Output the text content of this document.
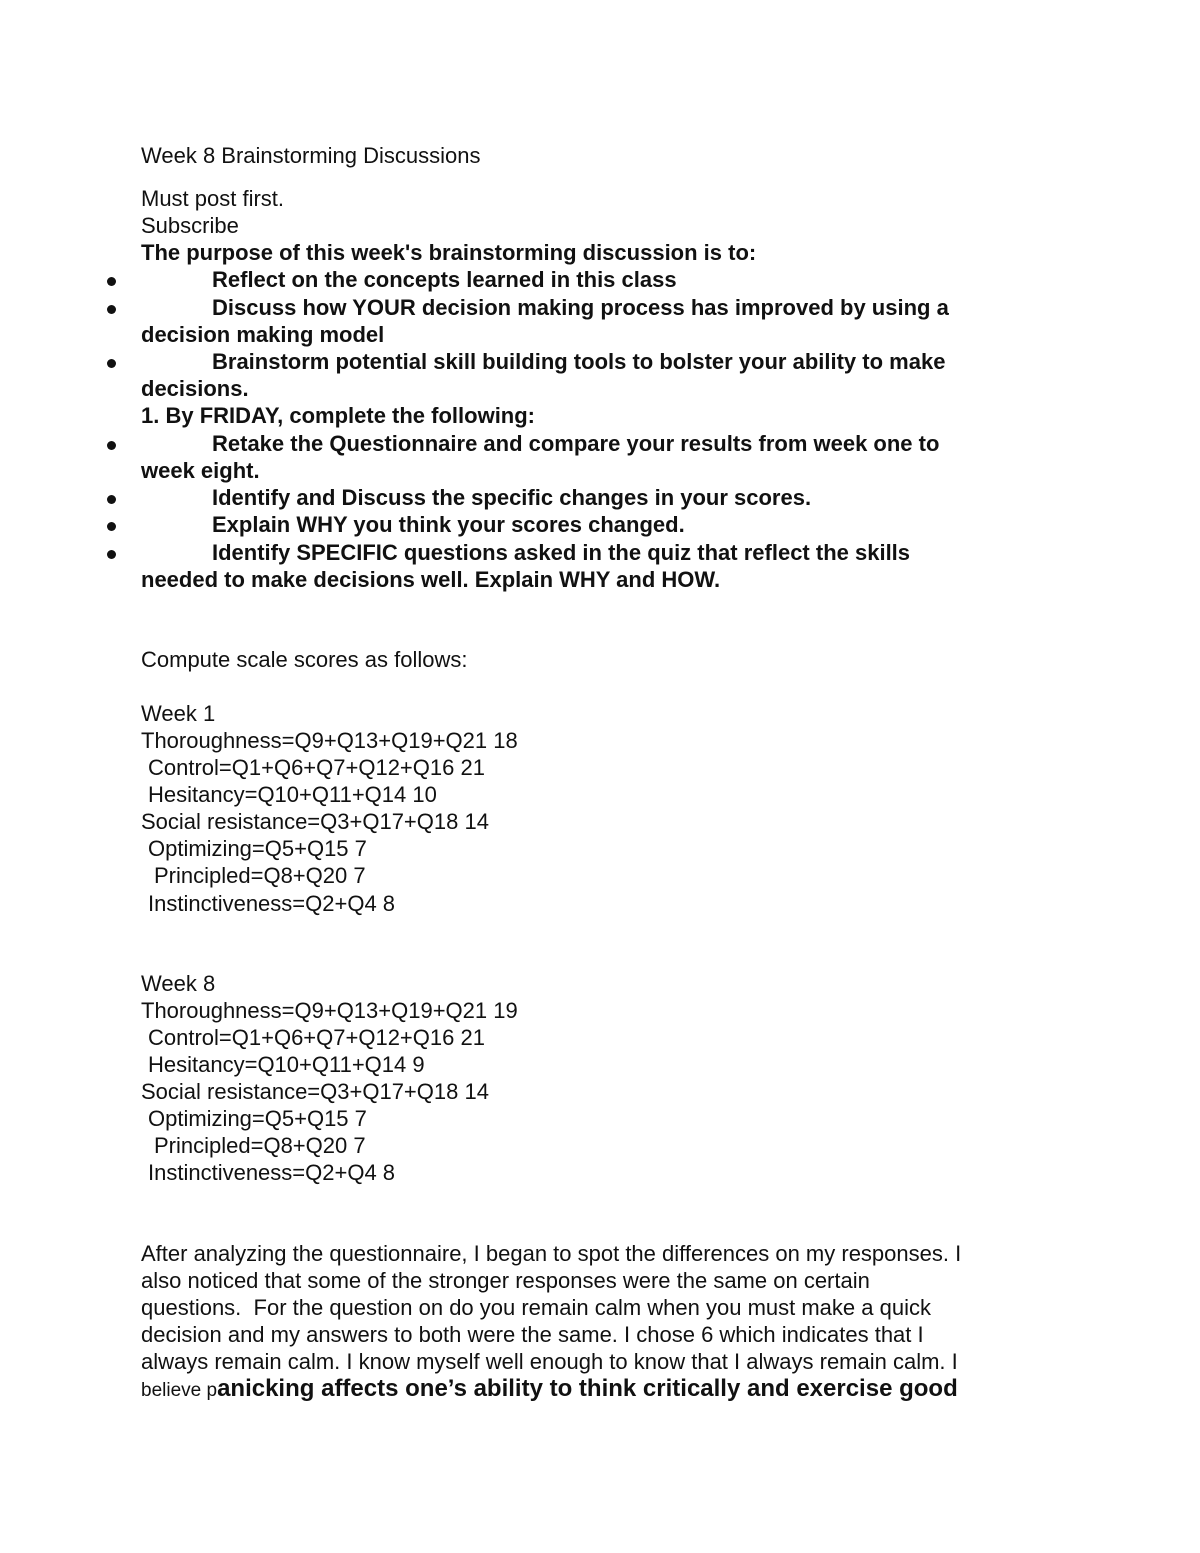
Week 8 Brainstorming Discussions
Must post first.
Subscribe
The purpose of this week's brainstorming discussion is to:
Reflect on the concepts learned in this class
Discuss how YOUR decision making process has improved by using a
decision making model
Brainstorm potential skill building tools to bolster your ability to make
decisions.
1. By FRIDAY, complete the following:
Retake the Questionnaire and compare your results from week one to
week eight.
Identify and Discuss the specific changes in your scores.
Explain WHY you think your scores changed.
Identify SPECIFIC questions asked in the quiz that reflect the skills
needed to make decisions well. Explain WHY and HOW.
Compute scale scores as follows:
Week 1
Thoroughness=Q9+Q13+Q19+Q21 18
Control=Q1+Q6+Q7+Q12+Q16 21
Hesitancy=Q10+Q11+Q14 10
Social resistance=Q3+Q17+Q18 14
Optimizing=Q5+Q15 7
Principled=Q8+Q20 7
Instinctiveness=Q2+Q4 8
Week 8
Thoroughness=Q9+Q13+Q19+Q21 19
Control=Q1+Q6+Q7+Q12+Q16 21
Hesitancy=Q10+Q11+Q14 9
Social resistance=Q3+Q17+Q18 14
Optimizing=Q5+Q15 7
Principled=Q8+Q20 7
Instinctiveness=Q2+Q4 8
After analyzing the questionnaire, I began to spot the differences on my responses. I
also noticed that some of the stronger responses were the same on certain
questions.  For the question on do you remain calm when you must make a quick
decision and my answers to both were the same. I chose 6 which indicates that I
always remain calm. I know myself well enough to know that I always remain calm. I
believe panicking affects one’s ability to think critically and exercise good
